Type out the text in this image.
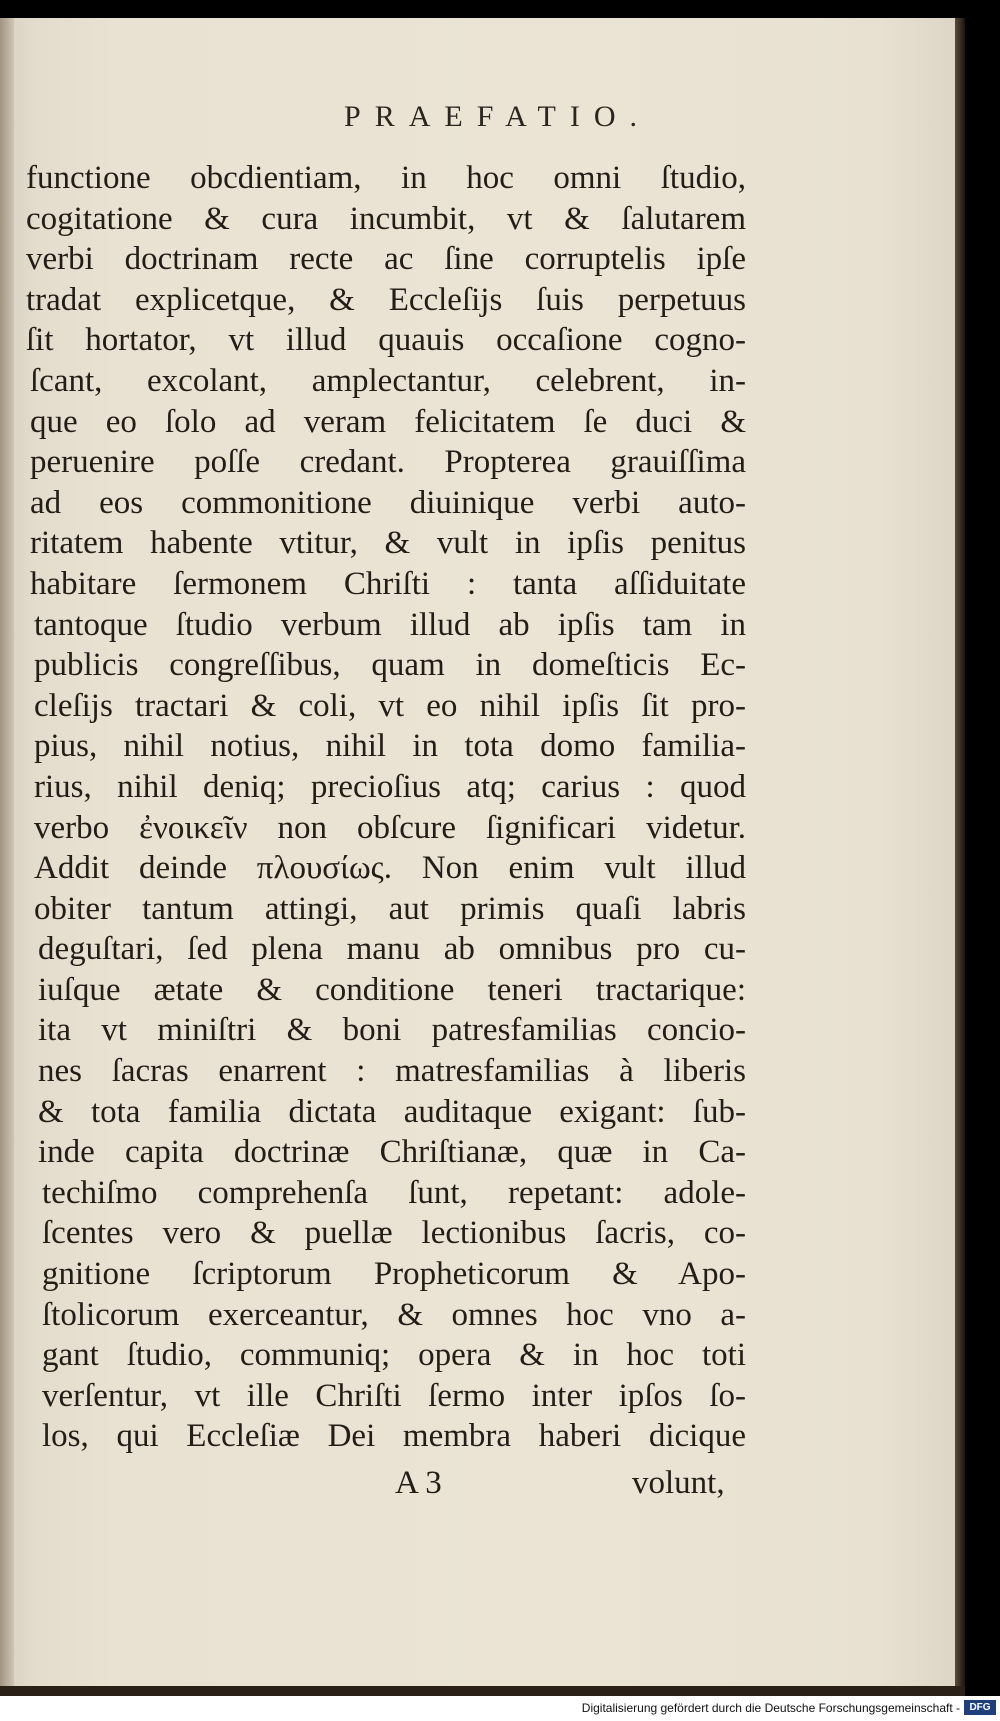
PRAEFATIO.
functione obcdientiam, in hoc omni ſtudio,
cogitatione & cura incumbit, vt & ſalutarem
verbi doctrinam recte ac ſine corruptelis ipſe
tradat explicetque, & Eccleſijs ſuis perpetuus
ſit hortator, vt illud quauis occaſione cogno-
ſcant, excolant, amplectantur, celebrent, in-
que eo ſolo ad veram felicitatem ſe duci &
peruenire poſſe credant. Propterea grauiſſima
ad eos commonitione diuinique verbi auto-
ritatem habente vtitur, & vult in ipſis penitus
habitare ſermonem Chriſti : tanta aſſiduitate
tantoque ſtudio verbum illud ab ipſis tam in
publicis congreſſibus, quam in domeſticis Ec-
cleſijs tractari & coli, vt eo nihil ipſis ſit pro-
pius, nihil notius, nihil in tota domo familia-
rius, nihil deniq; precioſius atq; carius : quod
verbo ἐνοικεῖν non obſcure ſignificari videtur.
Addit deinde πλουσίως. Non enim vult illud
obiter tantum attingi, aut primis quaſi labris
deguſtari, ſed plena manu ab omnibus pro cu-
iuſque ætate & conditione teneri tractarique:
ita vt miniſtri & boni patresfamilias concio-
nes ſacras enarrent : matresfamilias à liberis
& tota familia dictata auditaque exigant: ſub-
inde capita doctrinæ Chriſtianæ, quæ in Ca-
techiſmo comprehenſa ſunt, repetant: adole-
ſcentes vero & puellæ lectionibus ſacris, co-
gnitione ſcriptorum Propheticorum & Apo-
ſtolicorum exerceantur, & omnes hoc vno a-
gant ſtudio, communiq; opera & in hoc toti
verſentur, vt ille Chriſti ſermo inter ipſos ſo-
los, qui Eccleſiæ Dei membra haberi dicique
A 3	volunt,
Digitalisierung gefördert durch die Deutsche Forschungsgemeinschaft - DFG
